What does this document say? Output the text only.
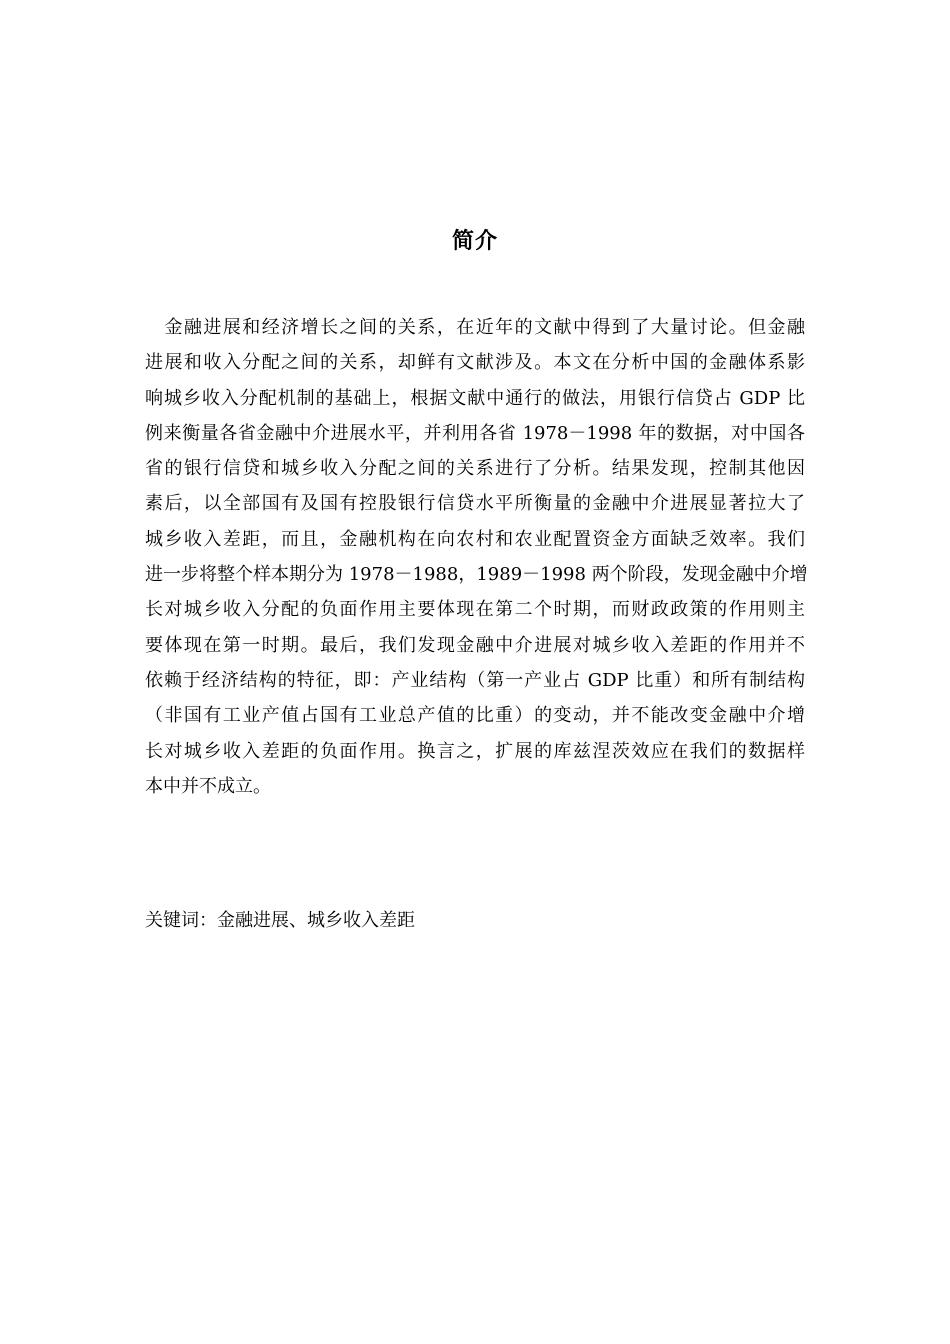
简介
　金融进展和经济增长之间的关系，在近年的文献中得到了大量讨论。但金融
进展和收入分配之间的关系，却鲜有文献涉及。本文在分析中国的金融体系影
响城乡收入分配机制的基础上，根据文献中通行的做法，用银行信贷占 GDP 比
例来衡量各省金融中介进展水平，并利用各省 1978－1998 年的数据，对中国各
省的银行信贷和城乡收入分配之间的关系进行了分析。结果发现，控制其他因
素后，以全部国有及国有控股银行信贷水平所衡量的金融中介进展显著拉大了
城乡收入差距，而且，金融机构在向农村和农业配置资金方面缺乏效率。我们
进一步将整个样本期分为 1978－1988，1989－1998 两个阶段，发现金融中介增
长对城乡收入分配的负面作用主要体现在第二个时期，而财政政策的作用则主
要体现在第一时期。最后，我们发现金融中介进展对城乡收入差距的作用并不
依赖于经济结构的特征，即：产业结构（第一产业占 GDP 比重）和所有制结构
（非国有工业产值占国有工业总产值的比重）的变动，并不能改变金融中介增
长对城乡收入差距的负面作用。换言之，扩展的库兹涅茨效应在我们的数据样
本中并不成立。
关键词：金融进展、城乡收入差距
